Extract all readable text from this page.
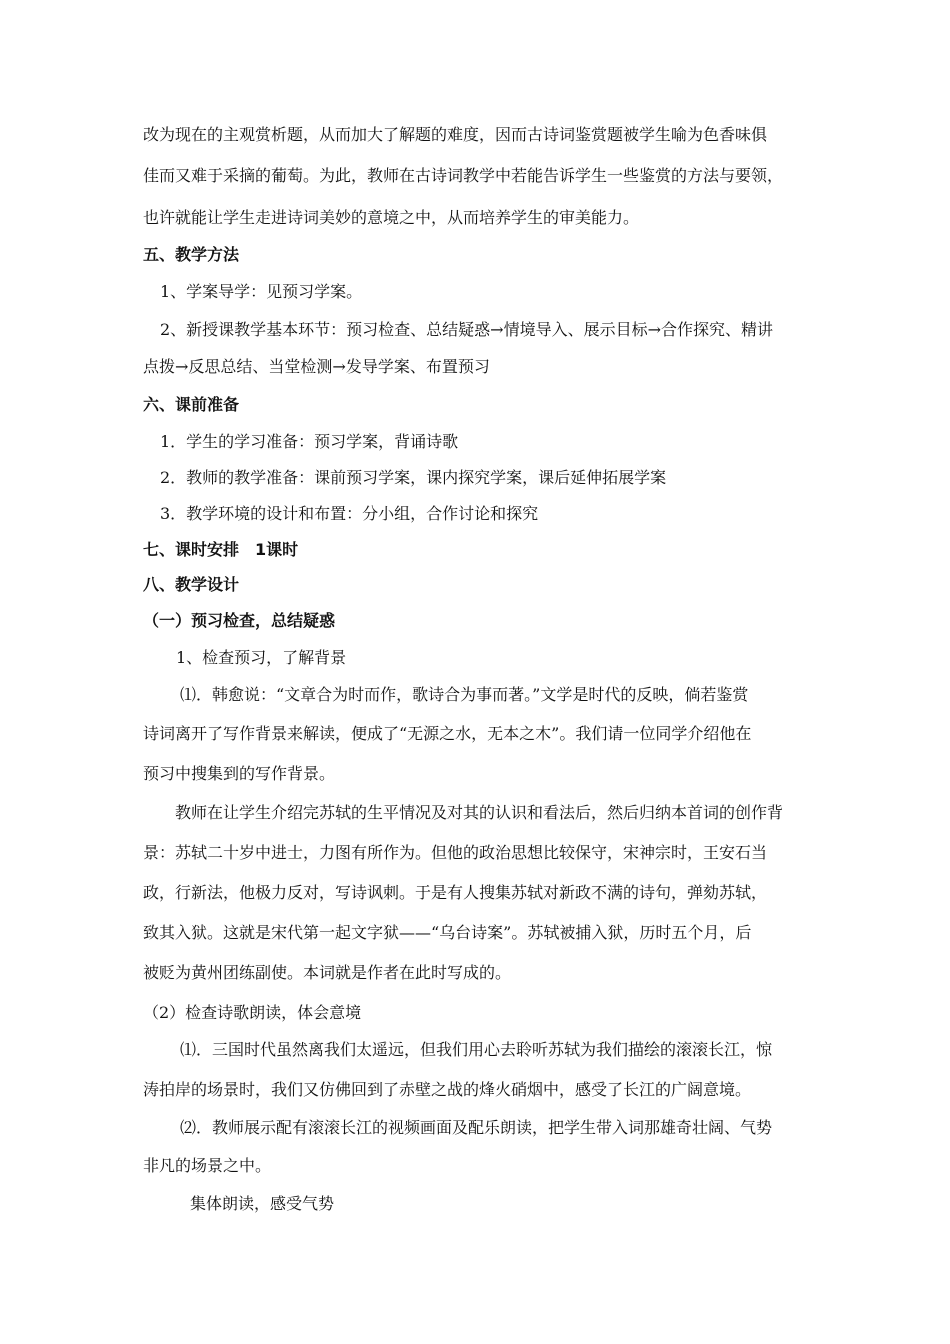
改为现在的主观赏析题，从而加大了解题的难度，因而古诗词鉴赏题被学生喻为色香味俱
佳而又难于采摘的葡萄。为此，教师在古诗词教学中若能告诉学生一些鉴赏的方法与要领，
也许就能让学生走进诗词美妙的意境之中，从而培养学生的审美能力。
五、教学方法
1、学案导学：见预习学案。
2、新授课教学基本环节：预习检查、总结疑惑→情境导入、展示目标→合作探究、精讲
点拨→反思总结、当堂检测→发导学案、布置预习
六、课前准备
1．学生的学习准备：预习学案，背诵诗歌
2．教师的教学准备：课前预习学案，课内探究学案，课后延伸拓展学案
3．教学环境的设计和布置：分小组，合作讨论和探究
七、课时安排　1课时
八、教学设计
（一）预习检查，总结疑惑
1、检查预习，了解背景
⑴．韩愈说：“文章合为时而作，歌诗合为事而著。”文学是时代的反映，倘若鉴赏
诗词离开了写作背景来解读，便成了“无源之水，无本之木”。我们请一位同学介绍他在
预习中搜集到的写作背景。
教师在让学生介绍完苏轼的生平情况及对其的认识和看法后，然后归纳本首词的创作背
景：苏轼二十岁中进士，力图有所作为。但他的政治思想比较保守，宋神宗时，王安石当
政，行新法，他极力反对，写诗讽刺。于是有人搜集苏轼对新政不满的诗句，弹劾苏轼，
致其入狱。这就是宋代第一起文字狱——“乌台诗案”。苏轼被捕入狱，历时五个月，后
被贬为黄州团练副使。本词就是作者在此时写成的。
（2）检查诗歌朗读，体会意境
⑴．三国时代虽然离我们太遥远，但我们用心去聆听苏轼为我们描绘的滚滚长江，惊
涛拍岸的场景时，我们又仿佛回到了赤壁之战的烽火硝烟中，感受了长江的广阔意境。
⑵．教师展示配有滚滚长江的视频画面及配乐朗读，把学生带入词那雄奇壮阔、气势
非凡的场景之中。
集体朗读，感受气势
